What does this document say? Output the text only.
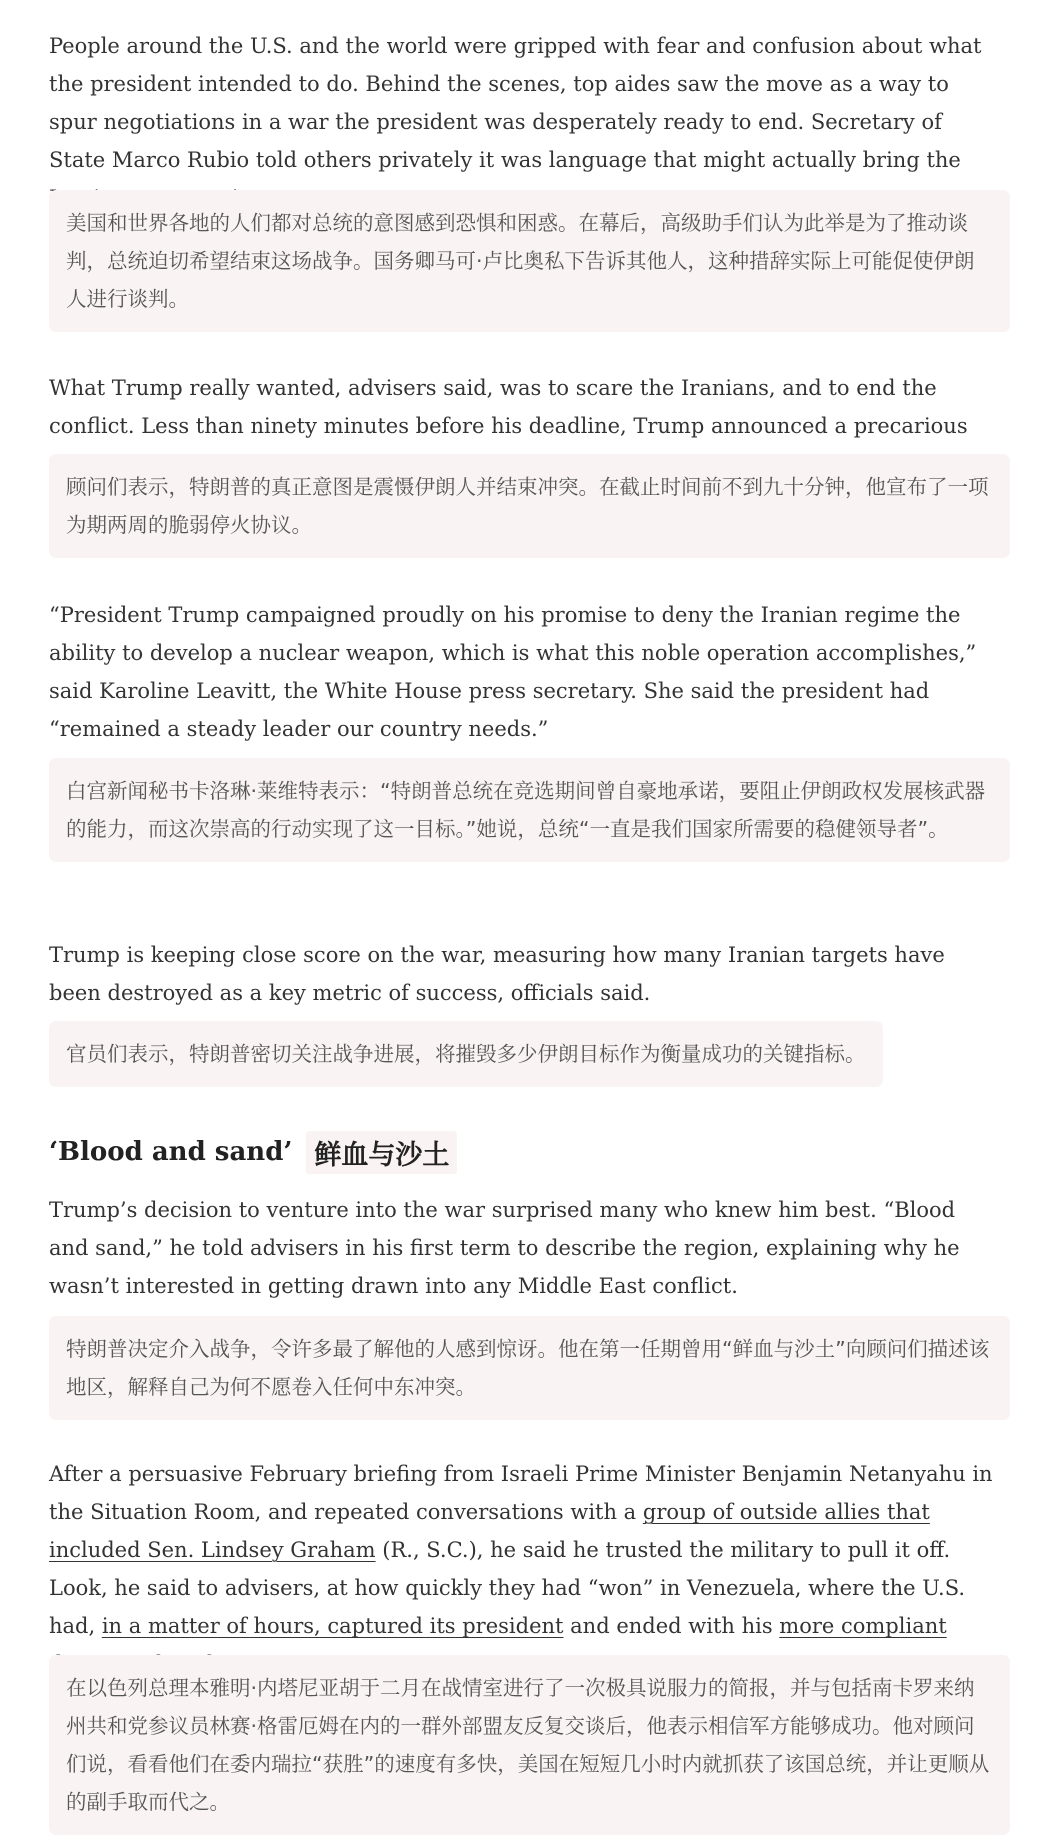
People around the U.S. and the world were gripped with fear and confusion about what the president intended to do. Behind the scenes, top aides saw the move as a way to spur negotiations in a war the president was desperately ready to end. Secretary of State Marco Rubio told others privately it was language that might actually bring the

美国和世界各地的人们都对总统的意图感到恐惧和困惑。在幕后，高级助手们认为此举是为了推动谈判，总统迫切希望结束这场战争。国务卿马可·卢比奥私下告诉其他人，这种措辞实际上可能促使伊朗人进行谈判。

What Trump really wanted, advisers said, was to scare the Iranians, and to end the conflict. Less than ninety minutes before his deadline, Trump announced a precarious

顾问们表示，特朗普的真正意图是震慑伊朗人并结束冲突。在截止时间前不到九十分钟，他宣布了一项为期两周的脆弱停火协议。

“President Trump campaigned proudly on his promise to deny the Iranian regime the ability to develop a nuclear weapon, which is what this noble operation accomplishes,” said Karoline Leavitt, the White House press secretary. She said the president had “remained a steady leader our country needs.”

白宫新闻秘书卡洛琳·莱维特表示：“特朗普总统在竞选期间曾自豪地承诺，要阻止伊朗政权发展核武器的能力，而这次崇高的行动实现了这一目标。”她说，总统“一直是我们国家所需要的稳健领导者”。

Trump is keeping close score on the war, measuring how many Iranian targets have been destroyed as a key metric of success, officials said.

官员们表示，特朗普密切关注战争进展，将摧毁多少伊朗目标作为衡量成功的关键指标。

‘Blood and sand’ 鲜血与沙土

Trump’s decision to venture into the war surprised many who knew him best. “Blood and sand,” he told advisers in his first term to describe the region, explaining why he wasn’t interested in getting drawn into any Middle East conflict.

特朗普决定介入战争，令许多最了解他的人感到惊讶。他在第一任期曾用“鲜血与沙土”向顾问们描述该地区，解释自己为何不愿卷入任何中东冲突。

After a persuasive February briefing from Israeli Prime Minister Benjamin Netanyahu in the Situation Room, and repeated conversations with a group of outside allies that included Sen. Lindsey Graham (R., S.C.), he said he trusted the military to pull it off. Look, he said to advisers, at how quickly they had “won” in Venezuela, where the U.S. had, in a matter of hours, captured its president and ended with his more compliant

在以色列总理本雅明·内塔尼亚胡于二月在战情室进行了一次极具说服力的简报，并与包括南卡罗来纳州共和党参议员林赛·格雷厄姆在内的一群外部盟友反复交谈后，他表示相信军方能够成功。他对顾问们说，看看他们在委内瑞拉“获胜”的速度有多快，美国在短短几小时内就抓获了该国总统，并让更顺从的副手取而代之。
